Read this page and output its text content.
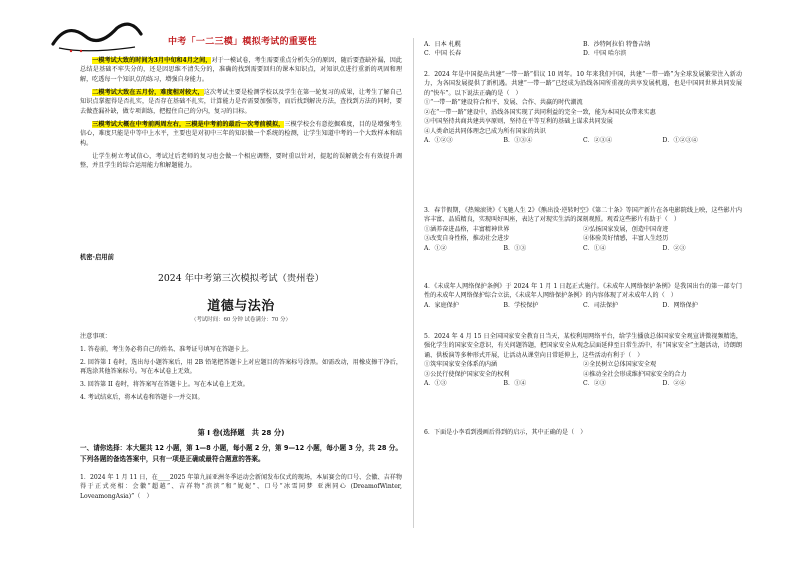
中考「一二三模」模拟考试的重要性

一模考试大致的时间为3月中旬和4月之间，对于一模试卷，考生需要重点分析失分的原因，随后要查缺补漏，因此总结是基础不牢失分的，还是因思维不清失分的，准确的找到需要回归的课本知识点，对知识点进行重新的巩固和理解，吃透每一个知识点的练习，增强自身能力。

二模考试大致在五月份，难度相对较大，这次考试主要是检测学校以及学生在第一轮复习的成果，让考生了解自己知识点掌握得是否扎实，是否存在基础不扎实，计算能力是否需要加强等，而后找到解决方法，查找到方法的同时，要去做查漏补缺，做专项训练，把握住自己的分内，复习的目标。

三模考试大概在中考前两周左右，三模是中考前的最后一次考前模拟，三模学校会有意挖掘难度，目的是增强考生信心，难度只能是中等中上水平，主要也是对初中三年的知识做一个系统的检测，让学生知道中考的一个大致样本和结构。

让学生树立考试信心，考试过后老师的复习也会做一个相应调整，要时重以针对，提起的误解就会有有效提升调整，并且学生的综合运用能力和解题能力。

机密·启用前
2024 年中考第三次模拟考试（贵州卷）
道德与法治
（考试时间：60 分钟 试卷满分：70 分）
注意事项：

1. 答卷前，考生务必将自己的姓名、准考证号填写在答题卡上。

2. 回答第 I 卷时，选出每小题答案后，用 2B 铅笔把答题卡上对应题目的答案标号涂黑。如需改动，用橡皮擦干净后，再选涂其他答案标号。写在本试卷上无效。

3. 回答第 II 卷时，将答案写在答题卡上。写在本试卷上无效。

4. 考试结束后，将本试卷和答题卡一并交回。

第 I 卷(选择题　共 28 分)
一、请你选择：本大题共 12 小题，第 1—8 小题，每小题 2 分，第 9—12 小题，每小题 3 分，共 28 分。下列各题的备选答案中，只有一项是正确或最符合题意的答案。

1．2024 年 1 月 11 日，在____2025 年第九届亚洲冬季运动会新闻发布仪式的现场，本届赛会的口号、会徽、吉祥物得于正式亮相：会徽“超越”、吉祥物“滨滨”和“妮妮”、口号“冰雪同梦 亚洲同心 (DreamofWinter, LoveamongAsia)”（　）

A．日本 札幌	B．沙特阿拉伯 特鲁吉纳
C．中国 长春	D．中国 哈尔滨

2．2024 年是中国提出共建“一带一路”倡议 10 周年。10 年来我们中国，共建“一带一路”为全球发展繁荣注入新动力，为各国发展提供了新机遇。共建“一带一路”已经成为沿线各国所重视的共享发展机遇，也是中国同世界共同发展的“快车”。以下说法正确的是（　）

①“一带一路”建设符合和平、发展、合作、共赢的时代潮流

②在“一带一路”建设中，沿线各国实现了共同利益的完全一致，能为本国民众带来实惠

③中国坚持共商共建共享原则，坚持在平等互利的基础上谋求共同发展

④人类命运共同体理念已成为所有国家的共识

A．①②③	B．①③④	C．②③④	D．①②③④

3．春节假期，《热辣滚烫》《飞驰人生 2》《熊出没·逆转时空》《第二十条》等国产新片在各电影院线上映，这些影片内容丰富、品质精良，实现叫好叫座，表达了对现实生活的深刻观照。观看这些影片有助于（　）

①涵养奋进品格，丰富精神世界	②弘扬国家发展，创造中国奇迹
③改变自身性格，推动社会进步	④体验美好情感，丰富人生经历
A．①②	B．①③	C．①④	D．②③

4．《未成年人网络保护条例》于 2024 年 1 月 1 日起正式施行。《未成年人网络保护条例》是我国出台的第一部专门性的未成年人网络保护综合立法，《未成年人网络保护条例》的内容体现了对未成年人的（　）

A．家庭保护	B．学校保护	C．司法保护	D．网络保护

5．2024 年 4 月 15 日全国国家安全教育日当天，某校利用网络平台，给学生播放总体国家安全观宣讲微视频精选，强化学生的国家安全意识，有关问题答题，把国家安全从观念层面延伸至日常生活中，有“国家安全”主题活动，诗朗朗诵、供板演等多种形式开展，让活动从课堂向日常延伸上，这些活动有利于（　）

①筑牢国家安全体系的内涵	②全民树立总体国家安全观
③公民行使保护国家安全的权利	④推动全社会形成维护国家安全的合力
A．①③	B．①④	C．②③	D．②④

6．下面是小李看到漫画后得到的启示，其中正确的是（　）
